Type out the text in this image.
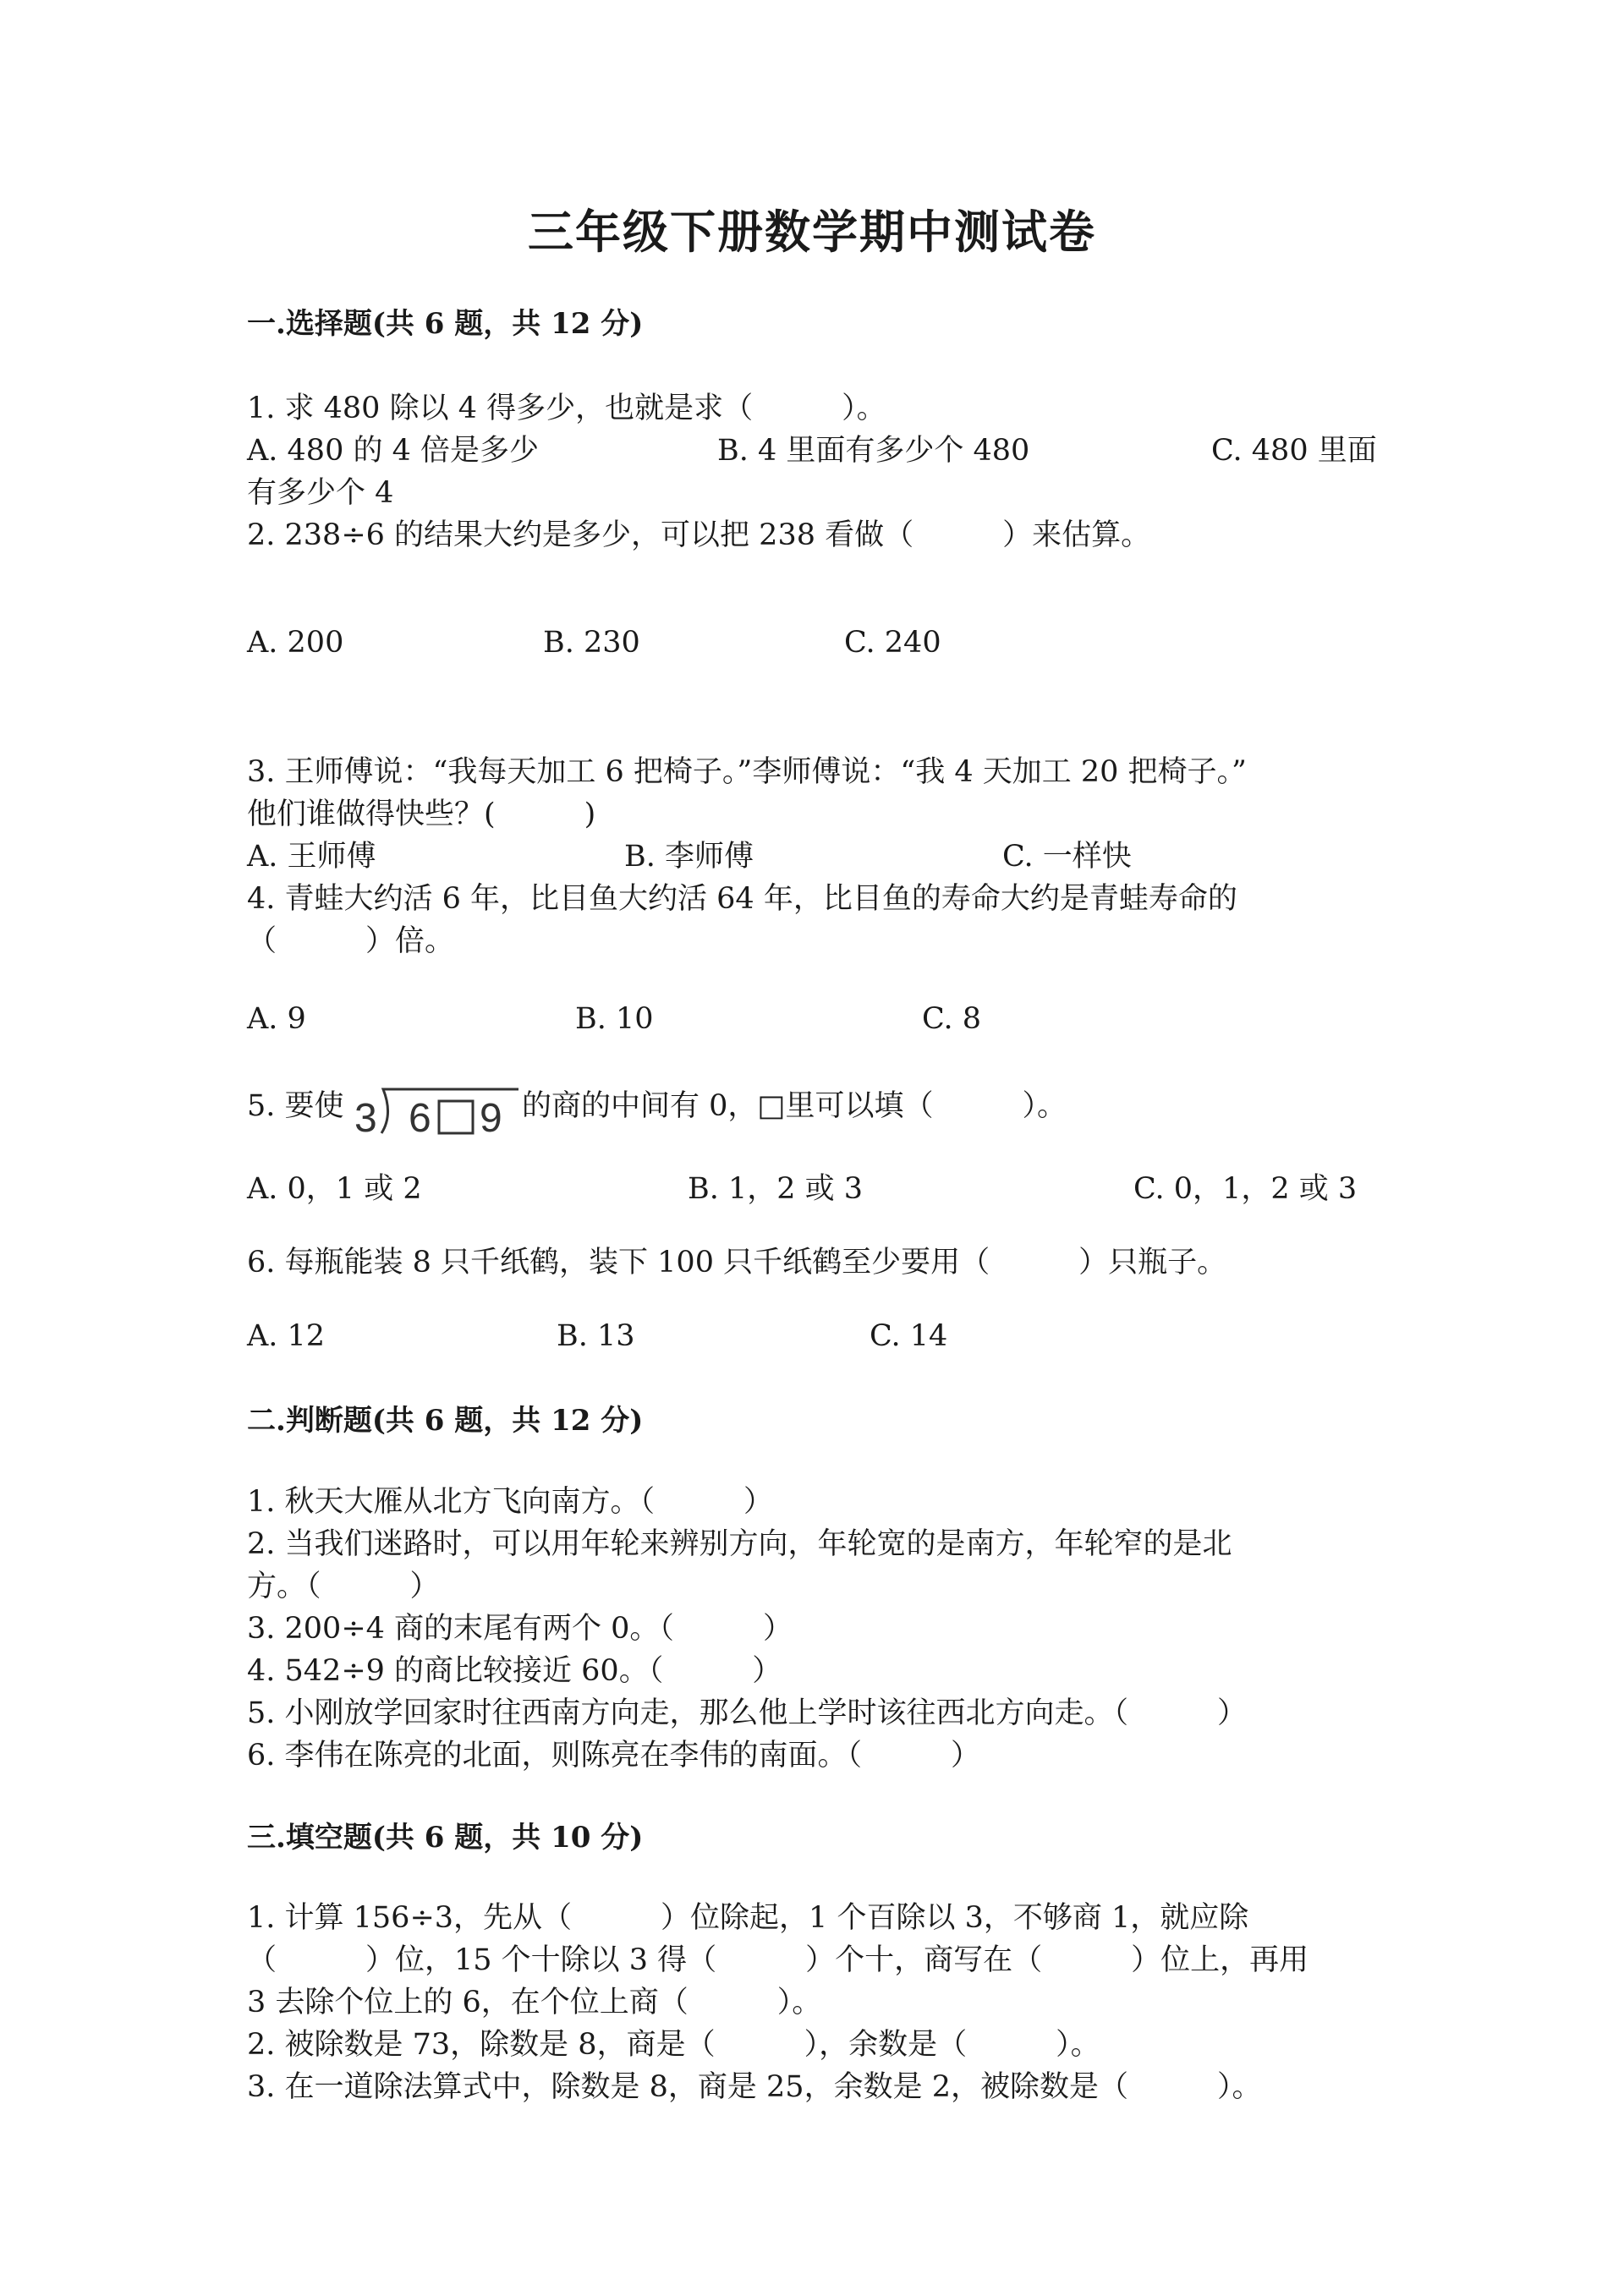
三年级下册数学期中测试卷
一.选择题(共 6 题，共 12 分)
1. 求 480 除以 4 得多少，也就是求（　　　）。
A. 480 的 4 倍是多少	B. 4 里面有多少个 480	C. 480 里面
有多少个 4
2. 238÷6 的结果大约是多少，可以把 238 看做（　　　）来估算。
A. 200	B. 230	C. 240
3. 王师傅说：“我每天加工 6 把椅子。”李师傅说：“我 4 天加工 20 把椅子。”
他们谁做得快些？(　　　)
A. 王师傅	B. 李师傅	C. 一样快
4. 青蛙大约活 6 年，比目鱼大约活 64 年，比目鱼的寿命大约是青蛙寿命的
（　　　）倍。
A. 9	B. 10	C. 8
5. 要使 3 6 9 的商的中间有 0，□里可以填（　　　）。
A. 0，1 或 2	B. 1，2 或 3	C. 0，1，2 或 3
6. 每瓶能装 8 只千纸鹤，装下 100 只千纸鹤至少要用（　　　）只瓶子。
A. 12	B. 13	C. 14
二.判断题(共 6 题，共 12 分)
1. 秋天大雁从北方飞向南方。（　　　）
2. 当我们迷路时，可以用年轮来辨别方向，年轮宽的是南方，年轮窄的是北
方。（　　　）
3. 200÷4 商的末尾有两个 0。（　　　）
4. 542÷9 的商比较接近 60。（　　　）
5. 小刚放学回家时往西南方向走，那么他上学时该往西北方向走。（　　　）
6. 李伟在陈亮的北面，则陈亮在李伟的南面。（　　　）
三.填空题(共 6 题，共 10 分)
1. 计算 156÷3，先从（　　　）位除起，1 个百除以 3，不够商 1，就应除
（　　　）位，15 个十除以 3 得（　　　）个十，商写在（　　　）位上，再用
3 去除个位上的 6，在个位上商（　　　）。
2. 被除数是 73，除数是 8，商是（　　　），余数是（　　　）。
3. 在一道除法算式中，除数是 8，商是 25，余数是 2，被除数是（　　　）。
